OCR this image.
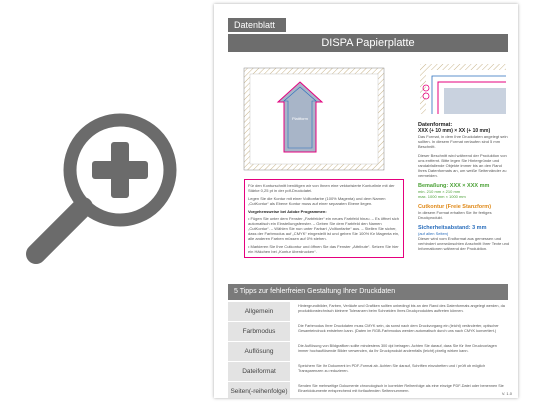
Datenblatt
DISPA Papierplatte
Plattform
Für den Konturschnitt benötigen wir von Ihnen eine vektorisierte Konturlinie mit der Stärke 0,25 pt in der pdf-Druckdatei.
Legen Sie die Kontur mit einer Volltonfarbe (100% Magenta) und dem Namen „CutKontur“ als Ebene Kontur muss auf einer separaten Ebene liegen.
Vorgehensweise bei Adobe Programmen:
• Fügen Sie unter dem Fenster „Farbfelder“ ein neues Farbfeld hinzu. – Es öffnet sich automatisch ein Einstellungsfenster. – Geben Sie dem Farbfeld den Namen „CutKontur“. – Wählen Sie nun unter Farbart „Volltonfarbe“ aus. – Stellen Sie sicher, dass der Farbmodus auf „CMYK“ eingestellt ist und geben Sie 100% für Magenta ein, alle anderen Farben müssen auf 0% stehen.
• Markieren Sie Ihre Cutkontur und öffnen Sie das Fenster „Attribute“. Setzen Sie hier ein Häkchen bei „Kontur überdrucken“.
Datenformat:
XXX (+ 10 mm) × XX (+ 10 mm)
Das Format, in dem Ihre Druckdaten angelegt sein sollten. In diesem Format verlaufen sind 5 mm Beschnitt.
Dieser Beschnitt wird während der Produktion von uns entfernt. Bitte legen Sie Hintergründe und randabfallende Objekte immer bis an den Rand Ihres Datenformats an, um weiße Seitenränder zu vermeiden.
Bemaßung: XXX × XXX mm
min. 210 mm × 210 mm
max. 1000 mm × 1000 mm
Cutkontur (Freie Stanzform)
In diesem Format erhalten Sie Ihr fertiges Druckprodukt.
Sicherheitsabstand: 3 mm
(auf allen Seiten)
Dieser wird vom Endformat aus gemessen und verhindert unerwünschten Anschnitt Ihrer Texte und Informationen während der Produktion.
5 Tipps zur fehlerfreien Gestaltung Ihrer Druckdaten
Allgemein
Hintergrundbilder, Farben, Verläufe und Grafiken sollten unbedingt bis an den Rand des Datenformats angelegt werden, da produktionstechnisch kleinere Toleranzen beim Schneiden Ihres Druckproduktes auftreten können.
Farbmodus
Die Farbmodus Ihrer Druckdaten muss CMYK sein, da sonst nach dem Druckvorgang ein (leicht) veränderter, optischer Gesamteindruck entstehen kann. (Daten im RGB-Farbmodus werden automatisch durch uns nach CMYK konvertiert.)
Auflösung
Die Auflösung von Bildgrafiken sollte mindestens 300 dpi betragen. Achten Sie darauf, dass Sie für Ihre Druckvorlagen immer hochauflösende Bilder verwenden, da Ihr Druckprodukt andernfalls (leicht) pixelig wirken kann.
Dateiformat
Speichern Sie Ihr Dokument im PDF-Format ab. Achten Sie darauf, Schriften einzubetten und / prüft ob möglich Transparenzen zu reduzieren.
Seiten(-reihenfolge)
Senden Sie mehrseitige Dokumente chronologisch in korrekter Reihenfolge als eine einzige PDF-Datei oder benennen Sie Einzeldokumente entsprechend mit fortlaufenden Seitennummern.
V. 1.0
